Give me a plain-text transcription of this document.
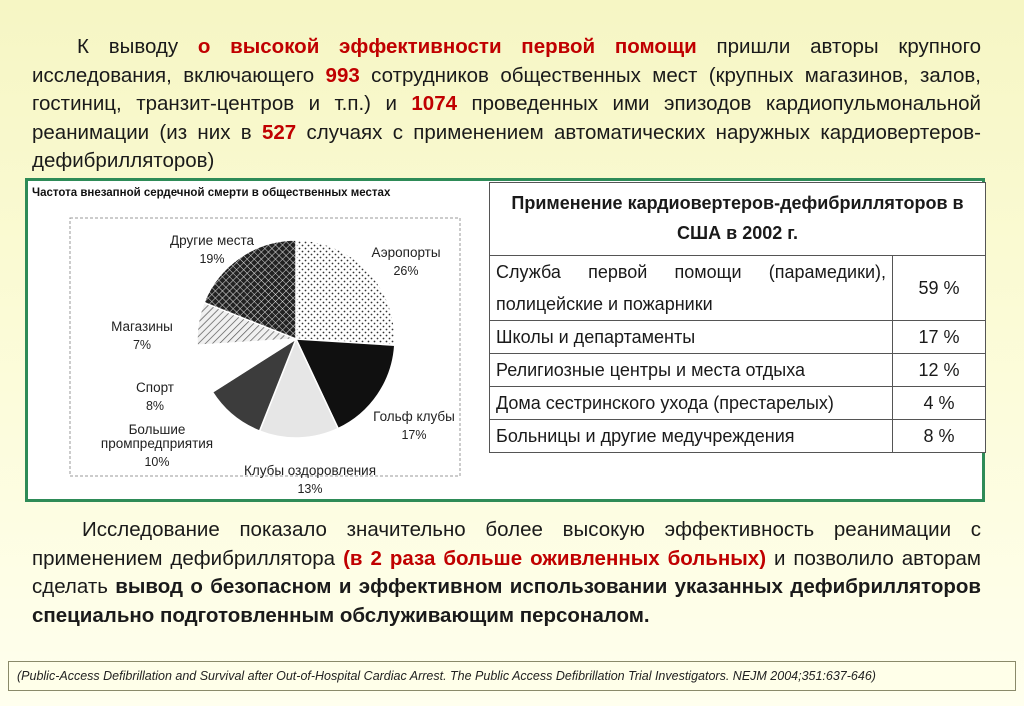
К выводу о высокой эффективности первой помощи пришли авторы крупного исследования, включающего 993 сотрудников общественных мест (крупных магазинов, залов, гостиниц, транзит-центров и т.п.) и 1074 проведенных ими эпизодов кардиопульмональной реанимации (из них в 527 случаях с применением автоматических наружных кардиовертеров-дефибрилляторов)
Частота внезапной сердечной смерти в общественных местах
Аэропорты
26%
Гольф клубы
17%
Клубы оздоровления
13%
Большие
промпредприятия
10%
Спорт
8%
Магазины
7%
Другие места
19%
Применение кардиовертеров-дефибрилляторов в США в 2002 г.	
Служба первой помощи (парамедики), полицейские и пожарники	59 %
Школы и департаменты	17 %
Религиозные центры и места отдыха	12 %
Дома сестринского ухода (престарелых)	4 %
Больницы и другие медучреждения	8 %
Исследование показало значительно более высокую эффективность реанимации с применением дефибриллятора (в 2 раза больше оживленных больных) и позволило авторам сделать вывод о безопасном и эффективном использовании указанных дефибрилляторов специально подготовленным обслуживающим персоналом.
(Public-Access Defibrillation and Survival after Out-of-Hospital Cardiac Arrest. The Public Access Defibrillation Trial Investigators. NEJM 2004;351:637-646)
